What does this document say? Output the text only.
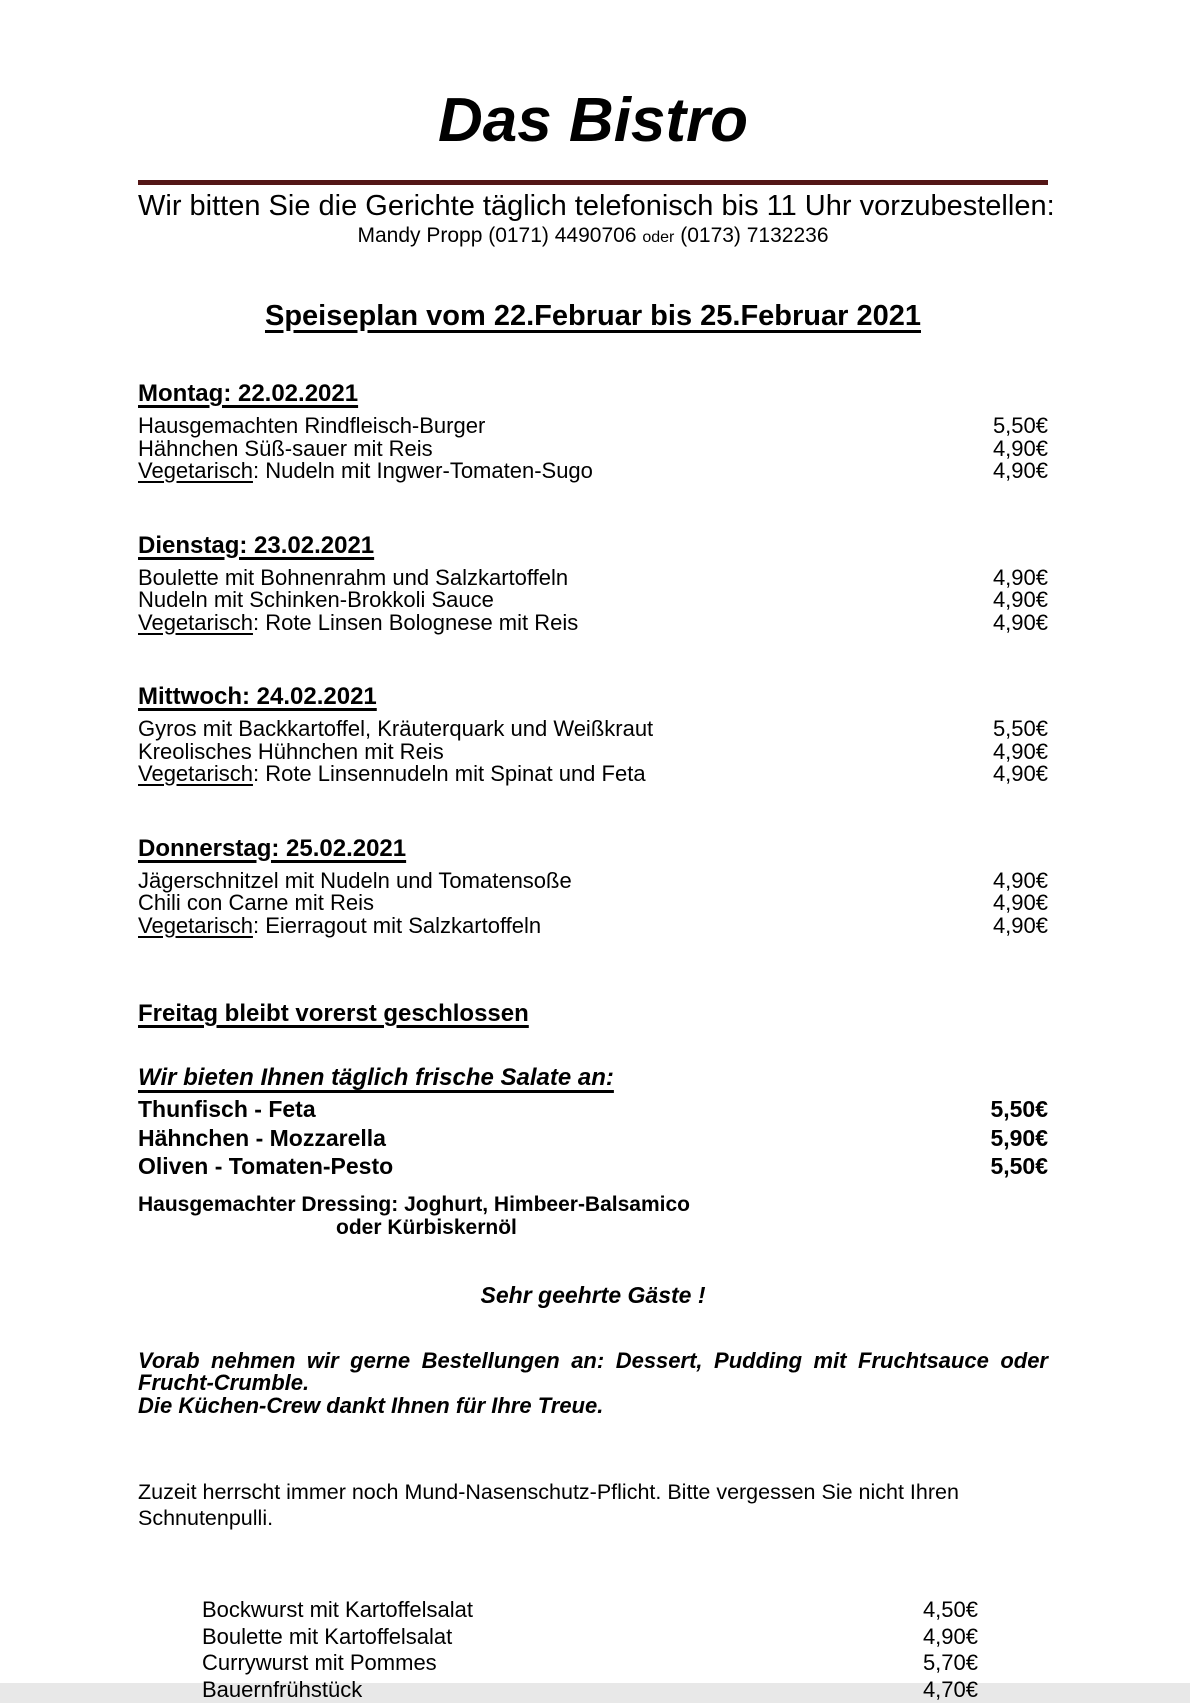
Das Bistro
Wir bitten Sie die Gerichte täglich telefonisch bis 11 Uhr vorzubestellen:
Mandy Propp (0171) 4490706 oder (0173) 7132236
Speiseplan vom 22.Februar bis 25.Februar 2021
Montag: 22.02.2021
Hausgemachten Rindfleisch-Burger	5,50€
Hähnchen Süß-sauer mit Reis	4,90€
Vegetarisch: Nudeln mit Ingwer-Tomaten-Sugo	4,90€
Dienstag: 23.02.2021
Boulette mit Bohnenrahm und Salzkartoffeln	4,90€
Nudeln mit Schinken-Brokkoli Sauce	4,90€
Vegetarisch: Rote Linsen Bolognese mit Reis	4,90€
Mittwoch: 24.02.2021
Gyros mit Backkartoffel, Kräuterquark und Weißkraut	5,50€
Kreolisches Hühnchen mit Reis	4,90€
Vegetarisch: Rote Linsennudeln mit Spinat und Feta	4,90€
Donnerstag: 25.02.2021
Jägerschnitzel mit Nudeln und Tomatensoße	4,90€
Chili con Carne mit Reis	4,90€
Vegetarisch: Eierragout mit Salzkartoffeln	4,90€
Freitag bleibt vorerst geschlossen
Wir bieten Ihnen täglich frische Salate an:
Thunfisch - Feta	5,50€
Hähnchen - Mozzarella	5,90€
Oliven - Tomaten-Pesto	5,50€
Hausgemachter Dressing: Joghurt, Himbeer-Balsamico
oder Kürbiskernöl
Sehr geehrte Gäste !
Vorab nehmen wir gerne Bestellungen an: Dessert, Pudding mit Fruchtsauce oder Frucht-Crumble.
Die Küchen-Crew dankt Ihnen für Ihre Treue.
Zuzeit herrscht immer noch Mund-Nasenschutz-Pflicht. Bitte vergessen Sie nicht Ihren Schnutenpulli.
Bockwurst mit Kartoffelsalat	4,50€
Boulette mit Kartoffelsalat	4,90€
Currywurst mit Pommes	5,70€
Bauernfrühstück	4,70€
